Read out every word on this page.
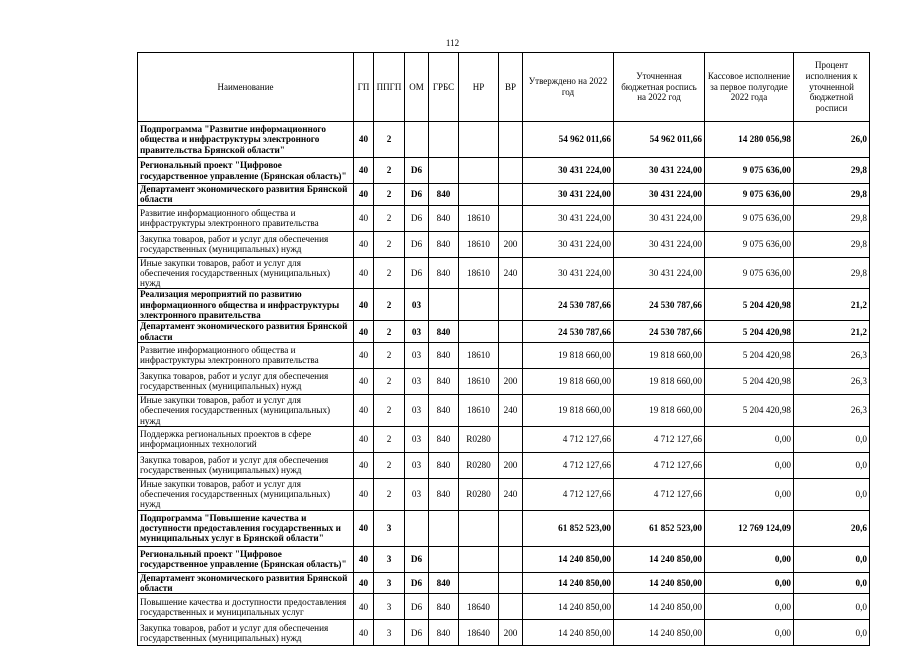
112
Наименование	ГП	ППГП	ОМ	ГРБС	НР	ВР	Утверждено на 2022 год	Уточненная бюджетная роспись на 2022 год	Кассовое исполнение за первое полугодие 2022 года	Процент исполнения к уточненной бюджетной росписи
Подпрограмма "Развитие информационного общества и инфраструктуры электронного правительства Брянской области"	40	2					54 962 011,66	54 962 011,66	14 280 056,98	26,0
Региональный проект "Цифровое государственное управление (Брянская область)"	40	2	D6				30 431 224,00	30 431 224,00	9 075 636,00	29,8
Департамент экономического развития Брянской области	40	2	D6	840			30 431 224,00	30 431 224,00	9 075 636,00	29,8
Развитие информационного общества и инфраструктуры электронного правительства	40	2	D6	840	18610		30 431 224,00	30 431 224,00	9 075 636,00	29,8
Закупка товаров, работ и услуг для обеспечения государственных (муниципальных) нужд	40	2	D6	840	18610	200	30 431 224,00	30 431 224,00	9 075 636,00	29,8
Иные закупки товаров, работ и услуг для обеспечения государственных (муниципальных) нужд	40	2	D6	840	18610	240	30 431 224,00	30 431 224,00	9 075 636,00	29,8
Реализация мероприятий по развитию информационного общества и инфраструктуры электронного правительства	40	2	03				24 530 787,66	24 530 787,66	5 204 420,98	21,2
Департамент экономического развития Брянской области	40	2	03	840			24 530 787,66	24 530 787,66	5 204 420,98	21,2
Развитие информационного общества и инфраструктуры электронного правительства	40	2	03	840	18610		19 818 660,00	19 818 660,00	5 204 420,98	26,3
Закупка товаров, работ и услуг для обеспечения государственных (муниципальных) нужд	40	2	03	840	18610	200	19 818 660,00	19 818 660,00	5 204 420,98	26,3
Иные закупки товаров, работ и услуг для обеспечения государственных (муниципальных) нужд	40	2	03	840	18610	240	19 818 660,00	19 818 660,00	5 204 420,98	26,3
Поддержка региональных проектов в сфере информационных технологий	40	2	03	840	R0280		4 712 127,66	4 712 127,66	0,00	0,0
Закупка товаров, работ и услуг для обеспечения государственных (муниципальных) нужд	40	2	03	840	R0280	200	4 712 127,66	4 712 127,66	0,00	0,0
Иные закупки товаров, работ и услуг для обеспечения государственных (муниципальных) нужд	40	2	03	840	R0280	240	4 712 127,66	4 712 127,66	0,00	0,0
Подпрограмма "Повышение качества и доступности предоставления государственных и муниципальных услуг в Брянской области"	40	3					61 852 523,00	61 852 523,00	12 769 124,09	20,6
Региональный проект "Цифровое государственное управление (Брянская область)"	40	3	D6				14 240 850,00	14 240 850,00	0,00	0,0
Департамент экономического развития Брянской области	40	3	D6	840			14 240 850,00	14 240 850,00	0,00	0,0
Повышение качества и доступности предоставления государственных и муниципальных услуг	40	3	D6	840	18640		14 240 850,00	14 240 850,00	0,00	0,0
Закупка товаров, работ и услуг для обеспечения государственных (муниципальных) нужд	40	3	D6	840	18640	200	14 240 850,00	14 240 850,00	0,00	0,0
